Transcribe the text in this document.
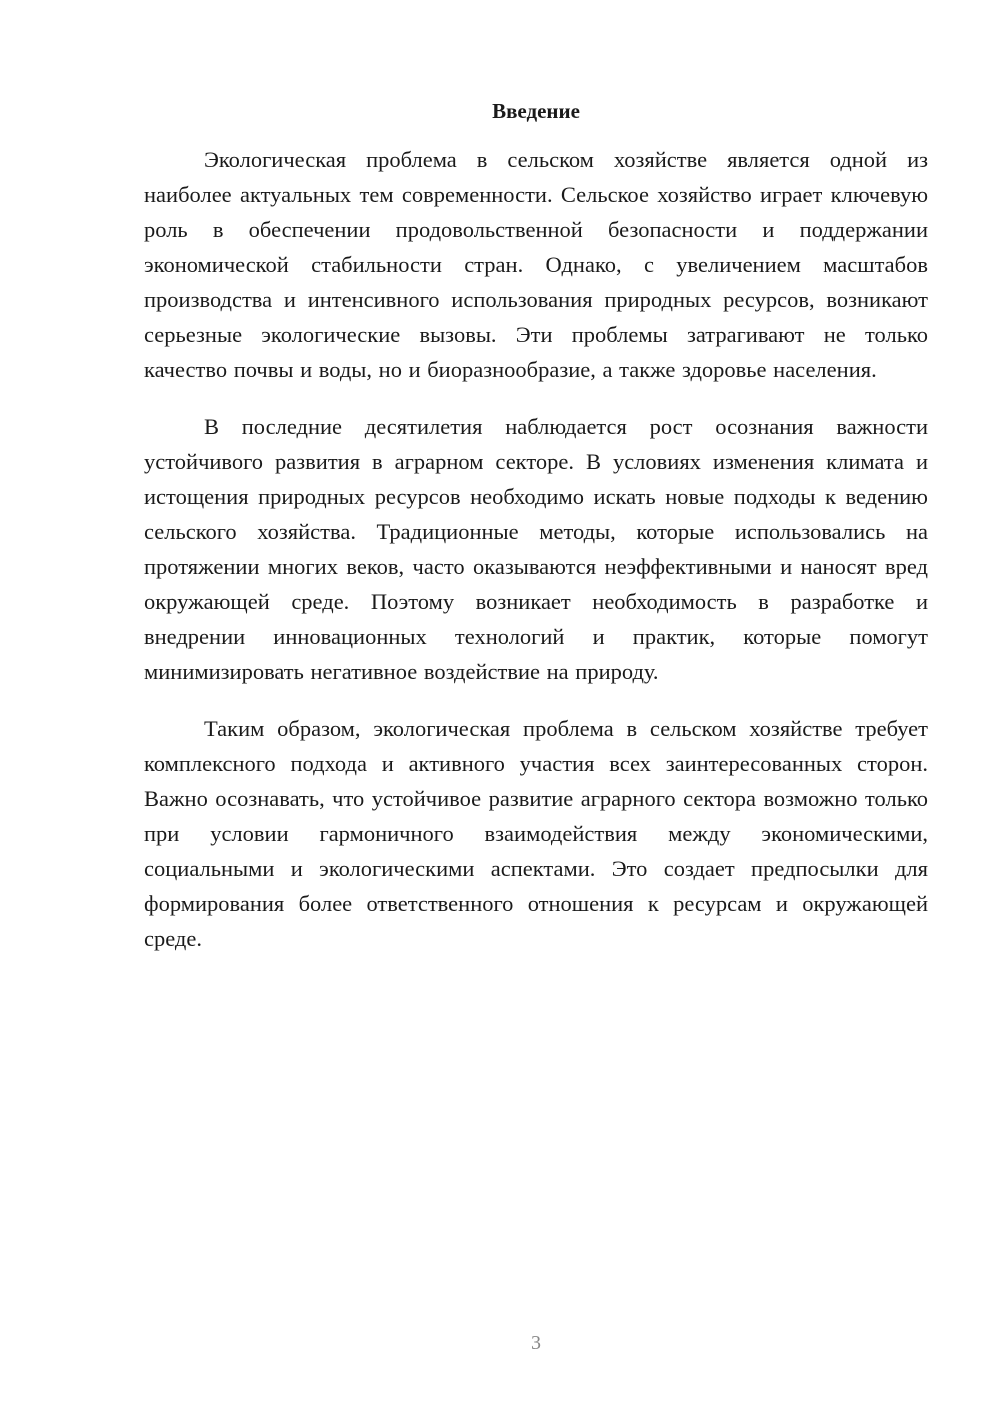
Введение

Экологическая проблема в сельском хозяйстве является одной из наиболее актуальных тем современности. Сельское хозяйство играет ключевую роль в обеспечении продовольственной безопасности и поддержании экономической стабильности стран. Однако, с увеличением масштабов производства и интенсивного использования природных ресурсов, возникают серьезные экологические вызовы. Эти проблемы затрагивают не только качество почвы и воды, но и биоразнообразие, а также здоровье населения.

В последние десятилетия наблюдается рост осознания важности устойчивого развития в аграрном секторе. В условиях изменения климата и истощения природных ресурсов необходимо искать новые подходы к ведению сельского хозяйства. Традиционные методы, которые использовались на протяжении многих веков, часто оказываются неэффективными и наносят вред окружающей среде. Поэтому возникает необходимость в разработке и внедрении инновационных технологий и практик, которые помогут минимизировать негативное воздействие на природу.

Таким образом, экологическая проблема в сельском хозяйстве требует комплексного подхода и активного участия всех заинтересованных сторон. Важно осознавать, что устойчивое развитие аграрного сектора возможно только при условии гармоничного взаимодействия между экономическими, социальными и экологическими аспектами. Это создает предпосылки для формирования более ответственного отношения к ресурсам и окружающей среде.

3
